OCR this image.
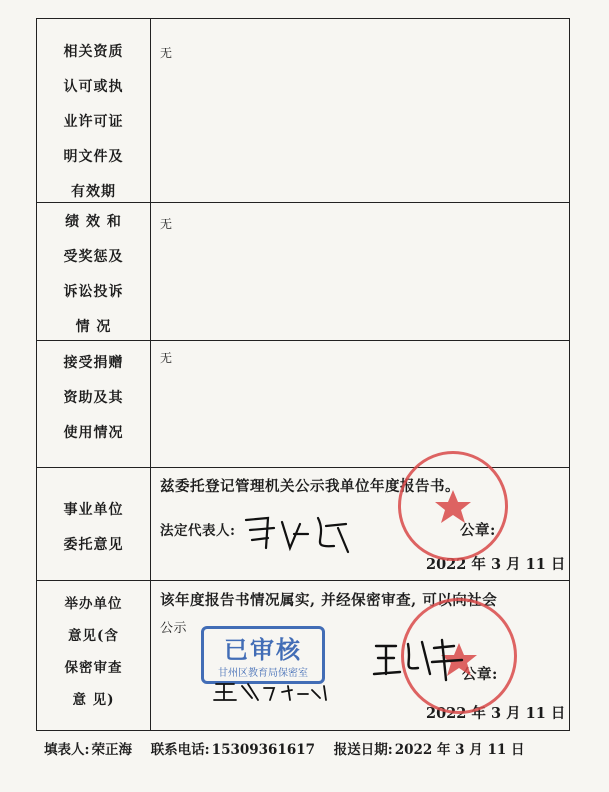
相关资质
认可或执
业许可证
明文件及
有效期
无
绩 效 和
受奖惩及
诉讼投诉
情 况
无
接受捐赠
资助及其
使用情况
无
事业单位
委托意见
兹委托登记管理机关公示我单位年度报告书。
法定代表人:	公章:
2022 年 3 月 11 日
举办单位
意见(含
保密审查
意 见)
该年度报告书情况属实, 并经保密审查, 可以向社会
公示
公章:
2022 年 3 月 11 日
已审核
甘州区教育局保密室
填表人: 荣正海 联系电话: 15309361617 报送日期: 2022 年 3 月 11 日
